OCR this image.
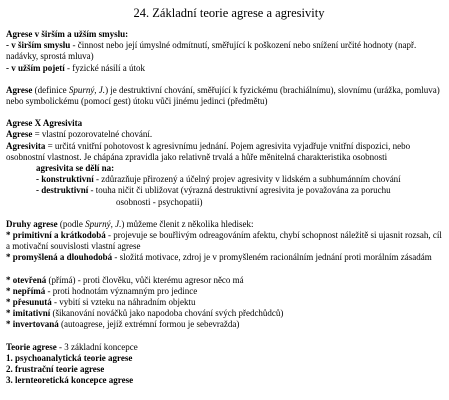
24. Základní teorie agrese a agresivity

Agrese v širším a užším smyslu:

- v širším smyslu - činnost nebo její úmyslné odmítnutí, směřující k poškození nebo snížení určité hodnoty (např. nadávky, sprostá mluva)

- v užším pojetí - fyzické násilí a útok

Agrese (definice Spurný, J.) je destruktivní chování, směřující k fyzickému (brachiálnímu), slovnímu (urážka, pomluva) nebo symbolickému (pomocí gest) útoku vůči jinému jedinci (předmětu)

Agrese X Agresivita

Agrese = vlastní pozorovatelné chování.

Agresivita = určitá vnitřní pohotovost k agresivnímu jednání. Pojem agresivita vyjadřuje vnitřní dispozici, nebo osobnostní vlastnost. Je chápána zpravidla jako relativně trvalá a hůře měnitelná charakteristika osobnosti

agresivita se dělí na:

- konstruktivní - zdůrazňuje přirozený a účelný projev agresivity v lidském a subhumánním chování

- destruktivní - touha ničit či ubližovat (výrazná destruktivní agresivita je považována za poruchu

osobnosti - psychopatii)

Druhy agrese (podle Spurný, J.) můžeme členit z několika hledisek:

* primitivní a krátkodobá - projevuje se bouřlivým odreagováním afektu, chybí schopnost náležitě si ujasnit rozsah, cíl a motivační souvislosti vlastní agrese

* promyšlená a dlouhodobá - složitá motivace, zdroj je v promyšleném racionálním jednání proti morálním zásadám

* otevřená (přímá) - proti člověku, vůči kterému agresor něco má

* nepřímá - proti hodnotám významným pro jedince

* přesunutá - vybití si vzteku na náhradním objektu

* imitativní (šikanování nováčků jako napodoba chování svých předchůdců)

* invertovaná (autoagrese, jejíž extrémní formou je sebevražda)

Teorie agrese - 3 základní koncepce

1. psychoanalytická teorie agrese

2. frustrační teorie agrese

3. lernteoretická koncepce agrese
